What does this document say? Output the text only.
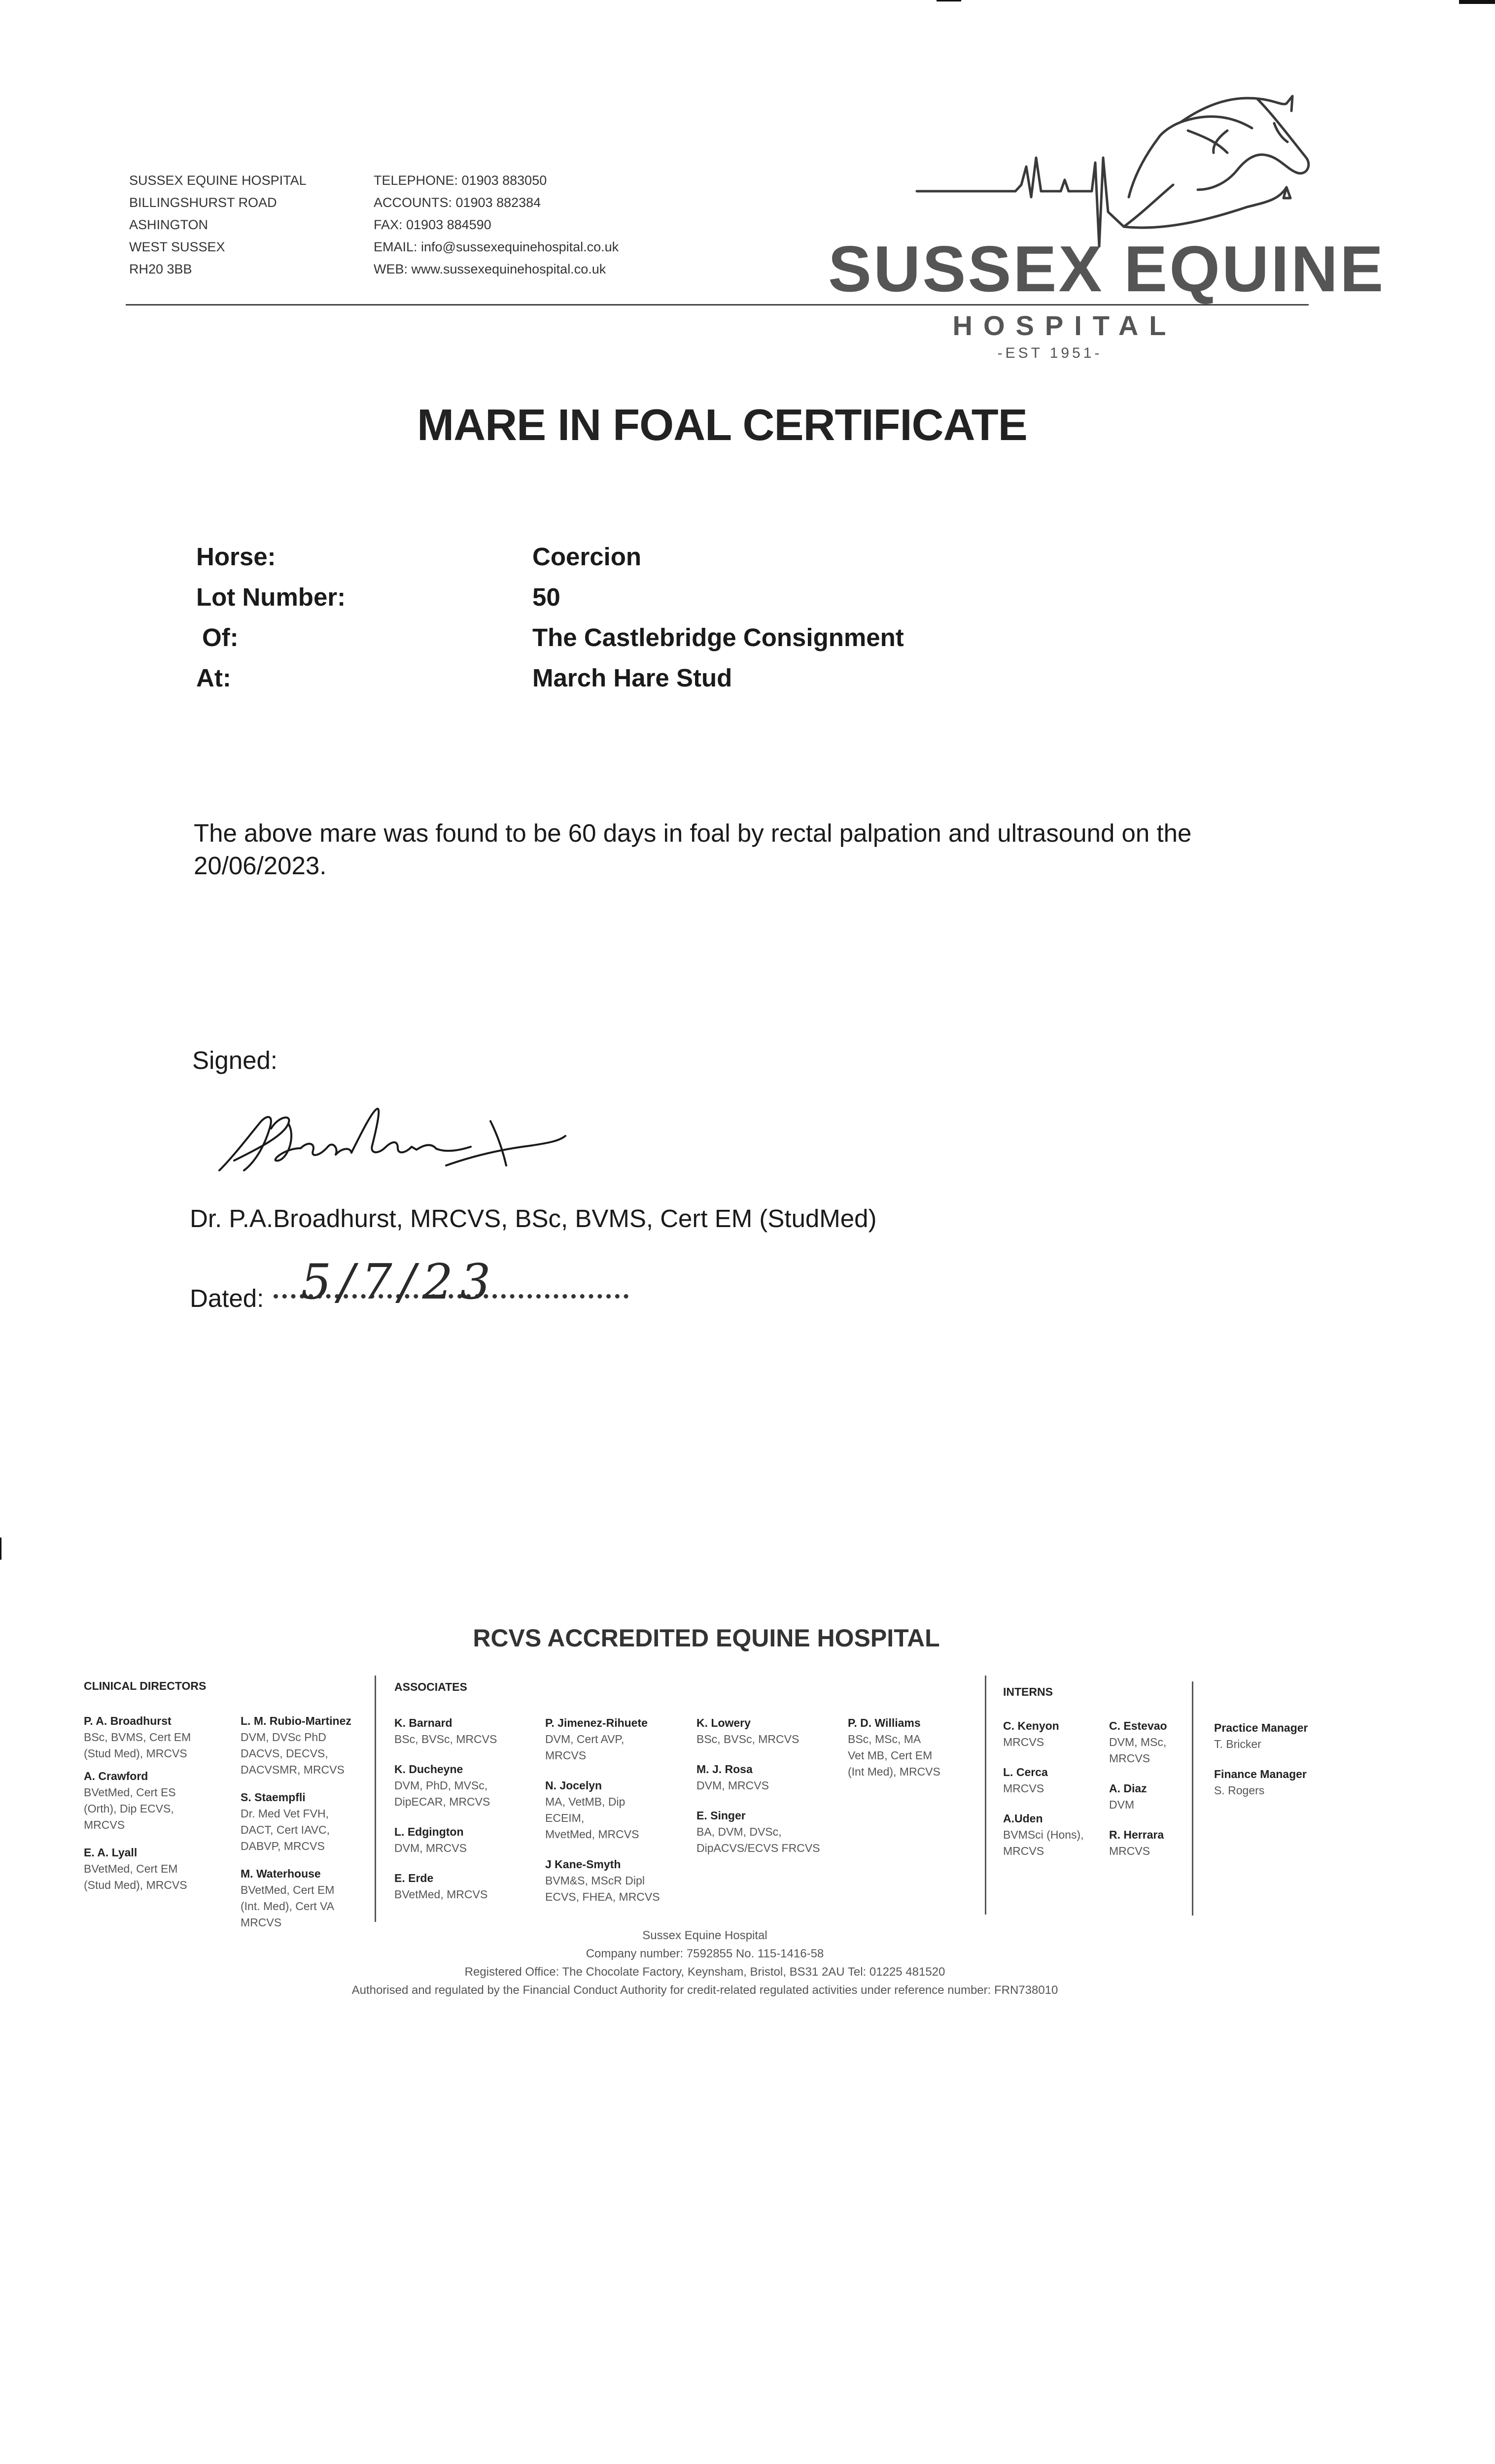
SUSSEX EQUINE HOSPITAL
BILLINGSHURST ROAD
ASHINGTON
WEST SUSSEX
RH20 3BB
TELEPHONE: 01903 883050
ACCOUNTS: 01903 882384
FAX: 01903 884590
EMAIL: info@sussexequinehospital.co.uk
WEB: www.sussexequinehospital.co.uk	SUSSEX EQUINE
HOSPITAL
-EST 1951-
MARE IN FOAL CERTIFICATE
Horse:	Coercion
Lot Number:	50
Of:	The Castlebridge Consignment
At:	March Hare Stud
The above mare was found to be 60 days in foal by rectal palpation and ultrasound on the 20/06/2023.
Signed:
Dr. P.A.Broadhurst, MRCVS, BSc, BVMS, Cert EM (StudMed)
Dated: 5/7/23
RCVS ACCREDITED EQUINE HOSPITAL
CLINICAL DIRECTORS	ASSOCIATES	INTERNS
P. A. Broadhurst
BSc, BVMS, Cert EM
(Stud Med), MRCVS
A. Crawford
BVetMed, Cert ES
(Orth), Dip ECVS,
MRCVS
E. A. Lyall
BVetMed, Cert EM
(Stud Med), MRCVS
L. M. Rubio-Martinez
DVM, DVSc PhD
DACVS, DECVS,
DACVSMR, MRCVS
S. Staempfli
Dr. Med Vet FVH,
DACT, Cert IAVC,
DABVP, MRCVS
M. Waterhouse
BVetMed, Cert EM
(Int. Med), Cert VA
MRCVS
K. Barnard
BSc, BVSc, MRCVS
K. Ducheyne
DVM, PhD, MVSc,
DipECAR, MRCVS
L. Edgington
DVM, MRCVS
E. Erde
BVetMed, MRCVS
P. Jimenez-Rihuete
DVM, Cert AVP,
MRCVS
N. Jocelyn
MA, VetMB, Dip
ECEIM,
MvetMed, MRCVS
J Kane-Smyth
BVM&S, MScR Dipl
ECVS, FHEA, MRCVS
K. Lowery
BSc, BVSc, MRCVS
M. J. Rosa
DVM, MRCVS
E. Singer
BA, DVM, DVSc,
DipACVS/ECVS FRCVS
P. D. Williams
BSc, MSc, MA
Vet MB, Cert EM
(Int Med), MRCVS
C. Kenyon
MRCVS
L. Cerca
MRCVS
A.Uden
BVMSci (Hons),
MRCVS
C. Estevao
DVM, MSc,
MRCVS
A. Diaz
DVM
R. Herrara
MRCVS
Practice Manager
T. Bricker
Finance Manager
S. Rogers
Sussex Equine Hospital
Company number: 7592855 No. 115-1416-58
Registered Office: The Chocolate Factory, Keynsham, Bristol, BS31 2AU Tel: 01225 481520
Authorised and regulated by the Financial Conduct Authority for credit-related regulated activities under reference number: FRN738010
